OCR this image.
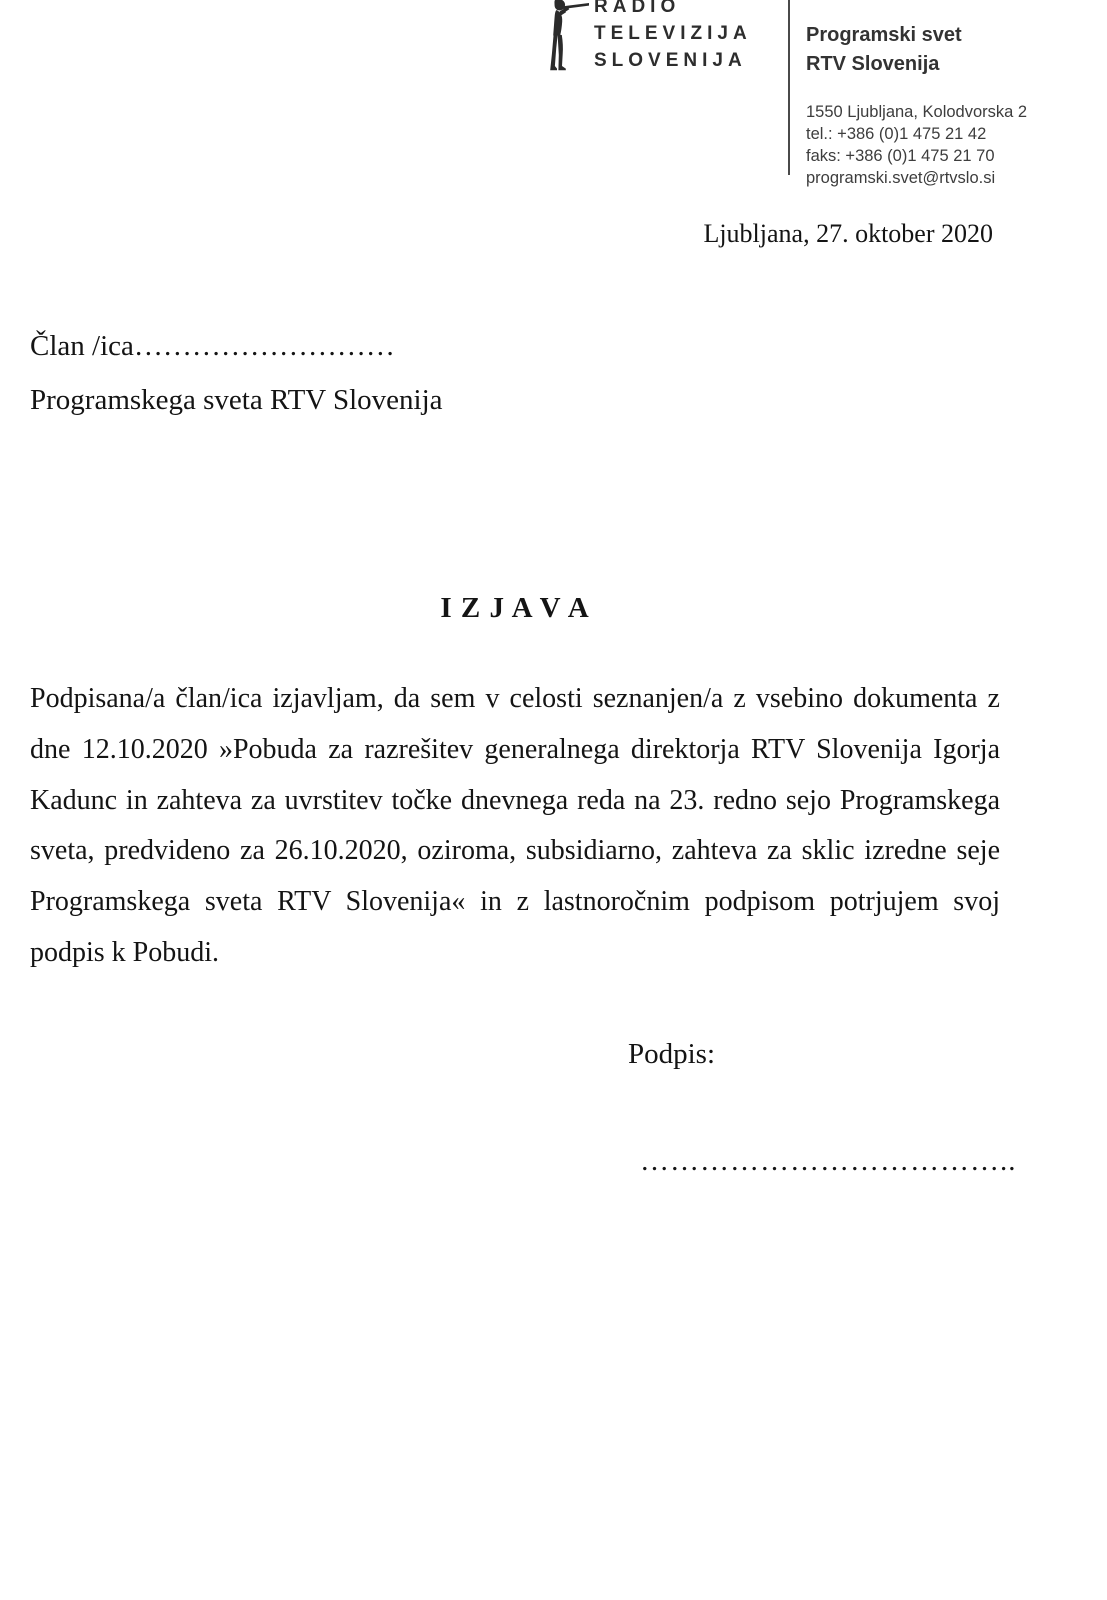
RADIO
TELEVIZIJA
SLOVENIJA
Programski svet
RTV Slovenija
1550 Ljubljana, Kolodvorska 2
tel.: +386 (0)1 475 21 42
faks: +386 (0)1 475 21 70
programski.svet@rtvslo.si
Ljubljana, 27. oktober 2020
Član /ica………………………
Programskega sveta RTV Slovenija
I Z J A V A
Podpisana/a član/ica izjavljam, da sem v celosti seznanjen/a z vsebino dokumenta z
dne 12.10.2020 »Pobuda za razrešitev generalnega direktorja RTV Slovenija Igorja
Kadunc in zahteva za uvrstitev točke dnevnega reda na 23. redno sejo Programskega
sveta, predvideno za 26.10.2020, oziroma, subsidiarno, zahteva za sklic izredne seje
Programskega sveta RTV Slovenija« in z lastnoročnim podpisom potrjujem svoj
podpis k Pobudi.
Podpis:
………………………………..
